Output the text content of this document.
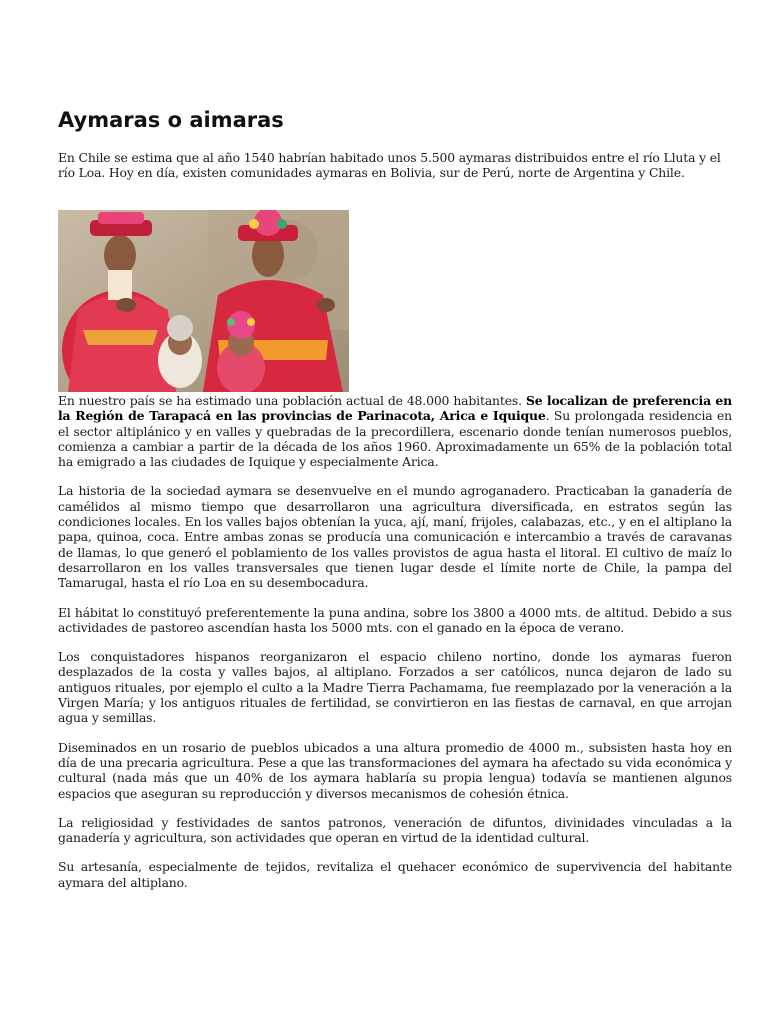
Aymaras o aimaras

En Chile se estima que al año 1540 habrían habitado unos 5.500 aymaras distribuidos entre el río Lluta y el río Loa. Hoy en día, existen comunidades aymaras en Bolivia, sur de Perú, norte de Argentina y Chile.

En nuestro país se ha estimado una población actual de 48.000 habitantes. Se localizan de preferencia en la Región de Tarapacá en las provincias de Parinacota, Arica e Iquique. Su prolongada residencia en el sector altiplánico y en valles y quebradas de la precordillera, escenario donde tenían numerosos pueblos, comienza a cambiar a partir de la década de los años 1960. Aproximadamente un 65% de la población total ha emigrado a las ciudades de Iquique y especialmente Arica.

La historia de la sociedad aymara se desenvuelve en el mundo agroganadero. Practicaban la ganadería de camélidos al mismo tiempo que desarrollaron una agricultura diversificada, en estratos según las condiciones locales. En los valles bajos obtenían la yuca, ají, maní, frijoles, calabazas, etc., y en el altiplano la papa, quinoa, coca. Entre ambas zonas se producía una comunicación e intercambio a través de caravanas de llamas, lo que generó el poblamiento de los valles provistos de agua hasta el litoral. El cultivo de maíz lo desarrollaron en los valles transversales que tienen lugar desde el límite norte de Chile, la pampa del Tamarugal, hasta el río Loa en su desembocadura.

El hábitat lo constituyó preferentemente la puna andina, sobre los 3800 a 4000 mts. de altitud. Debido a sus actividades de pastoreo ascendían hasta los 5000 mts. con el ganado en la época de verano.

Los conquistadores hispanos reorganizaron el espacio chileno nortino, donde los aymaras fueron desplazados de la costa y valles bajos, al altiplano. Forzados a ser católicos, nunca dejaron de lado su antiguos rituales, por ejemplo el culto a la Madre Tierra Pachamama, fue reemplazado por la veneración a la Virgen María; y los antiguos rituales de fertilidad, se convirtieron en las fiestas de carnaval, en que arrojan agua y semillas.

Diseminados en un rosario de pueblos ubicados a una altura promedio de 4000 m., subsisten hasta hoy en día de una precaria agricultura. Pese a que las transformaciones del aymara ha afectado su vida económica y cultural (nada más que un 40% de los aymara hablaría su propia lengua) todavía se mantienen algunos espacios que aseguran su reproducción y diversos mecanismos de cohesión étnica.

La religiosidad y festividades de santos patronos, veneración de difuntos, divinidades vinculadas a la ganadería y agricultura, son actividades que operan en virtud de la identidad cultural.

Su artesanía, especialmente de tejidos, revitaliza el quehacer económico de supervivencia del habitante aymara del altiplano.
